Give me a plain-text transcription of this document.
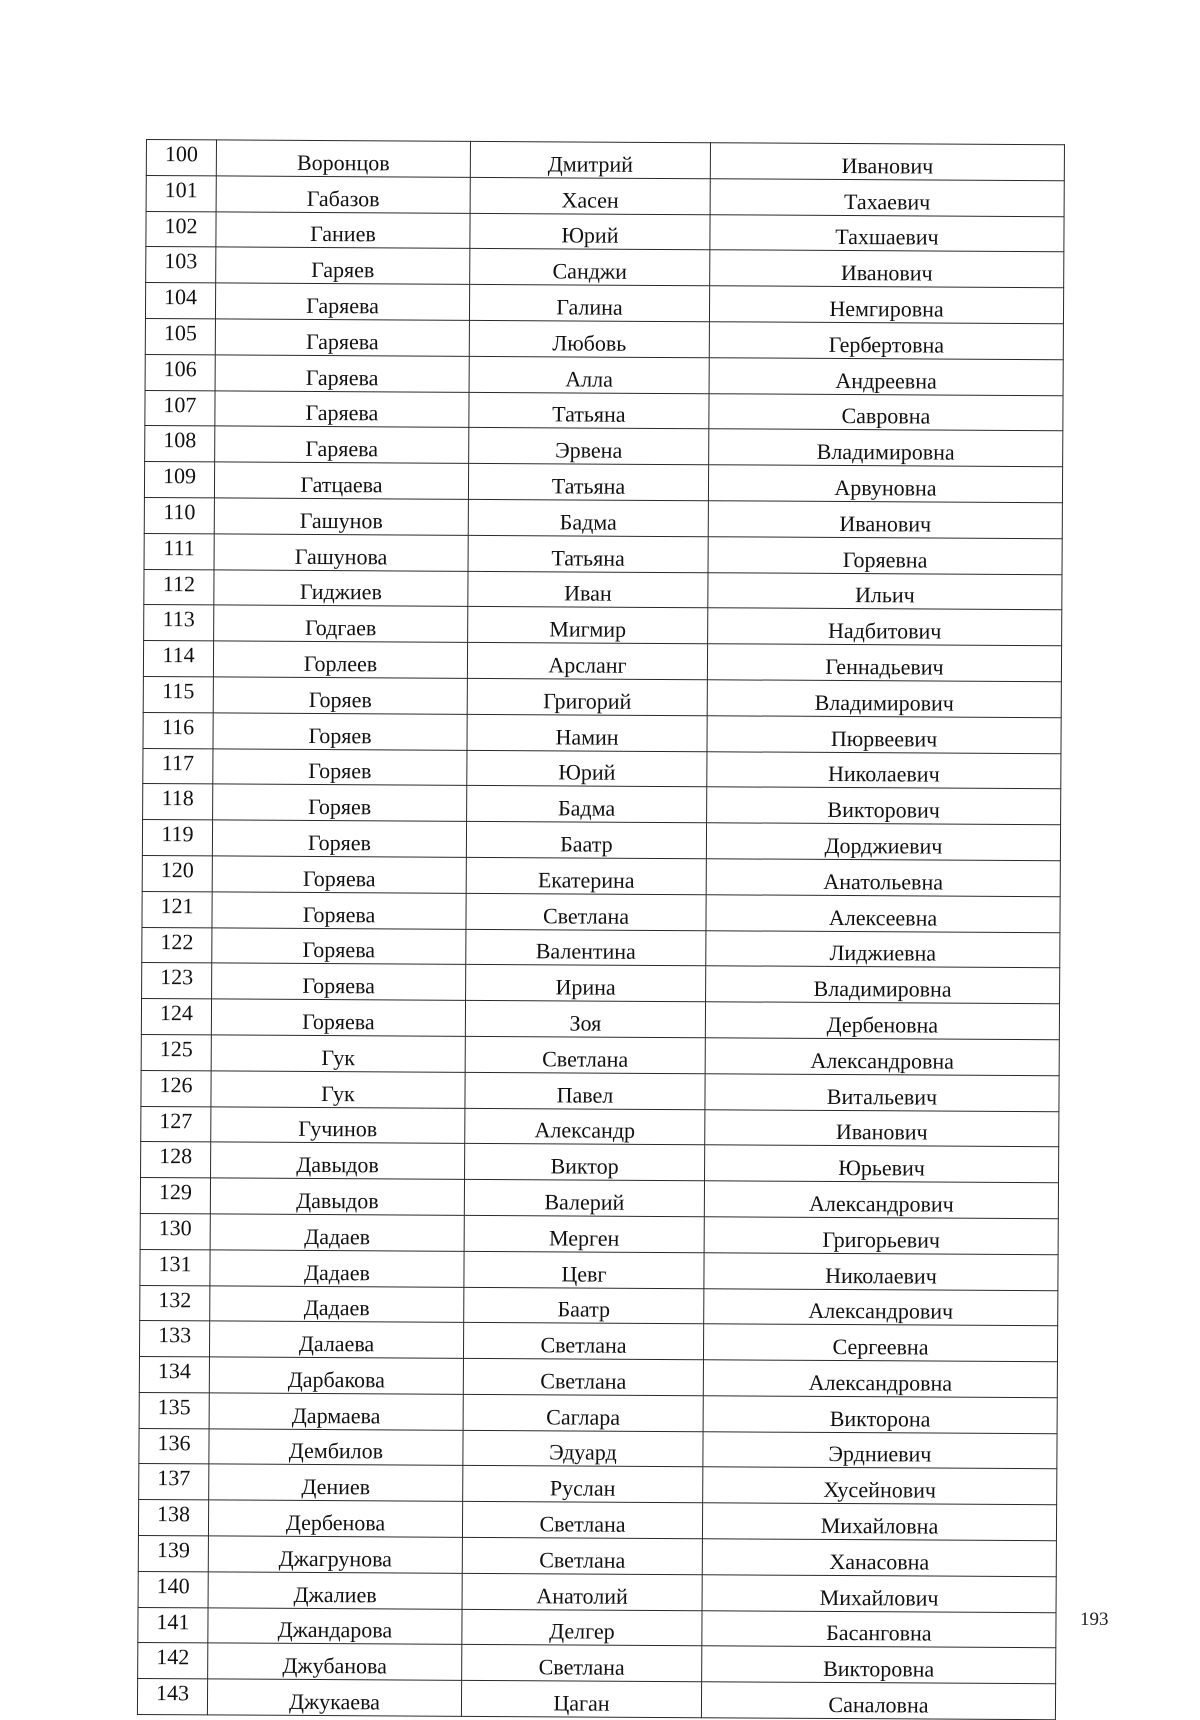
100	Воронцов	Дмитрий	Иванович
101	Габазов	Хасен	Тахаевич
102	Ганиев	Юрий	Тахшаевич
103	Гаряев	Санджи	Иванович
104	Гаряева	Галина	Немгировна
105	Гаряева	Любовь	Гербертовна
106	Гаряева	Алла	Андреевна
107	Гаряева	Татьяна	Савровна
108	Гаряева	Эрвена	Владимировна
109	Гатцаева	Татьяна	Арвуновна
110	Гашунов	Бадма	Иванович
111	Гашунова	Татьяна	Горяевна
112	Гиджиев	Иван	Ильич
113	Годгаев	Мигмир	Надбитович
114	Горлеев	Арсланг	Геннадьевич
115	Горяев	Григорий	Владимирович
116	Горяев	Намин	Пюрвеевич
117	Горяев	Юрий	Николаевич
118	Горяев	Бадма	Викторович
119	Горяев	Баатр	Дорджиевич
120	Горяева	Екатерина	Анатольевна
121	Горяева	Светлана	Алексеевна
122	Горяева	Валентина	Лиджиевна
123	Горяева	Ирина	Владимировна
124	Горяева	Зоя	Дербеновна
125	Гук	Светлана	Александровна
126	Гук	Павел	Витальевич
127	Гучинов	Александр	Иванович
128	Давыдов	Виктор	Юрьевич
129	Давыдов	Валерий	Александрович
130	Дадаев	Мерген	Григорьевич
131	Дадаев	Цевг	Николаевич
132	Дадаев	Баатр	Александрович
133	Далаева	Светлана	Сергеевна
134	Дарбакова	Светлана	Александровна
135	Дармаева	Саглара	Викторона
136	Дембилов	Эдуард	Эрдниевич
137	Дениев	Руслан	Хусейнович
138	Дербенова	Светлана	Михайловна
139	Джагрунова	Светлана	Ханасовна
140	Джалиев	Анатолий	Михайлович
141	Джандарова	Делгер	Басанговна
142	Джубанова	Светлана	Викторовна
143	Джукаева	Цаган	Саналовна
193
